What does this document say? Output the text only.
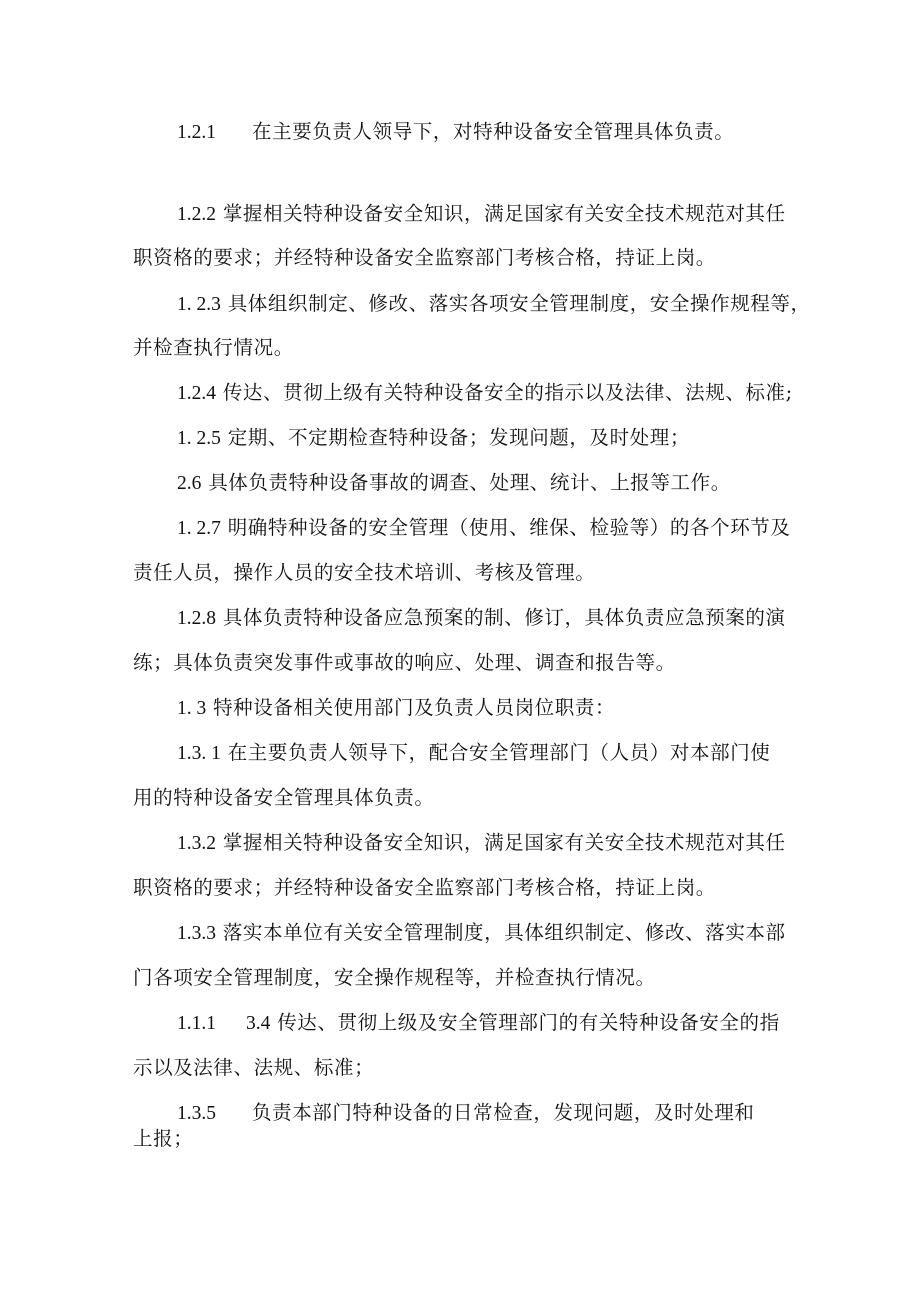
1.2.1 在主要负责人领导下，对特种设备安全管理具体负责。
1.2.2 掌握相关特种设备安全知识，满足国家有关安全技术规范对其任
职资格的要求；并经特种设备安全监察部门考核合格，持证上岗。
1. 2.3 具体组织制定、修改、落实各项安全管理制度，安全操作规程等，
并检查执行情况。
1.2.4 传达、贯彻上级有关特种设备安全的指示以及法律、法规、标准;
1. 2.5 定期、不定期检查特种设备；发现问题，及时处理；
2.6 具体负责特种设备事故的调查、处理、统计、上报等工作。
1. 2.7 明确特种设备的安全管理（使用、维保、检验等）的各个环节及
责任人员，操作人员的安全技术培训、考核及管理。
1.2.8 具体负责特种设备应急预案的制、修订，具体负责应急预案的演
练；具体负责突发事件或事故的响应、处理、调查和报告等。
1. 3 特种设备相关使用部门及负责人员岗位职责：
1.3. 1 在主要负责人领导下，配合安全管理部门（人员）对本部门使
用的特种设备安全管理具体负责。
1.3.2 掌握相关特种设备安全知识，满足国家有关安全技术规范对其任
职资格的要求；并经特种设备安全监察部门考核合格，持证上岗。
1.3.3 落实本单位有关安全管理制度，具体组织制定、修改、落实本部
门各项安全管理制度，安全操作规程等，并检查执行情况。
1.1.1 3.4 传达、贯彻上级及安全管理部门的有关特种设备安全的指
示以及法律、法规、标准；
1.3.5 负责本部门特种设备的日常检查，发现问题，及时处理和
上报；
